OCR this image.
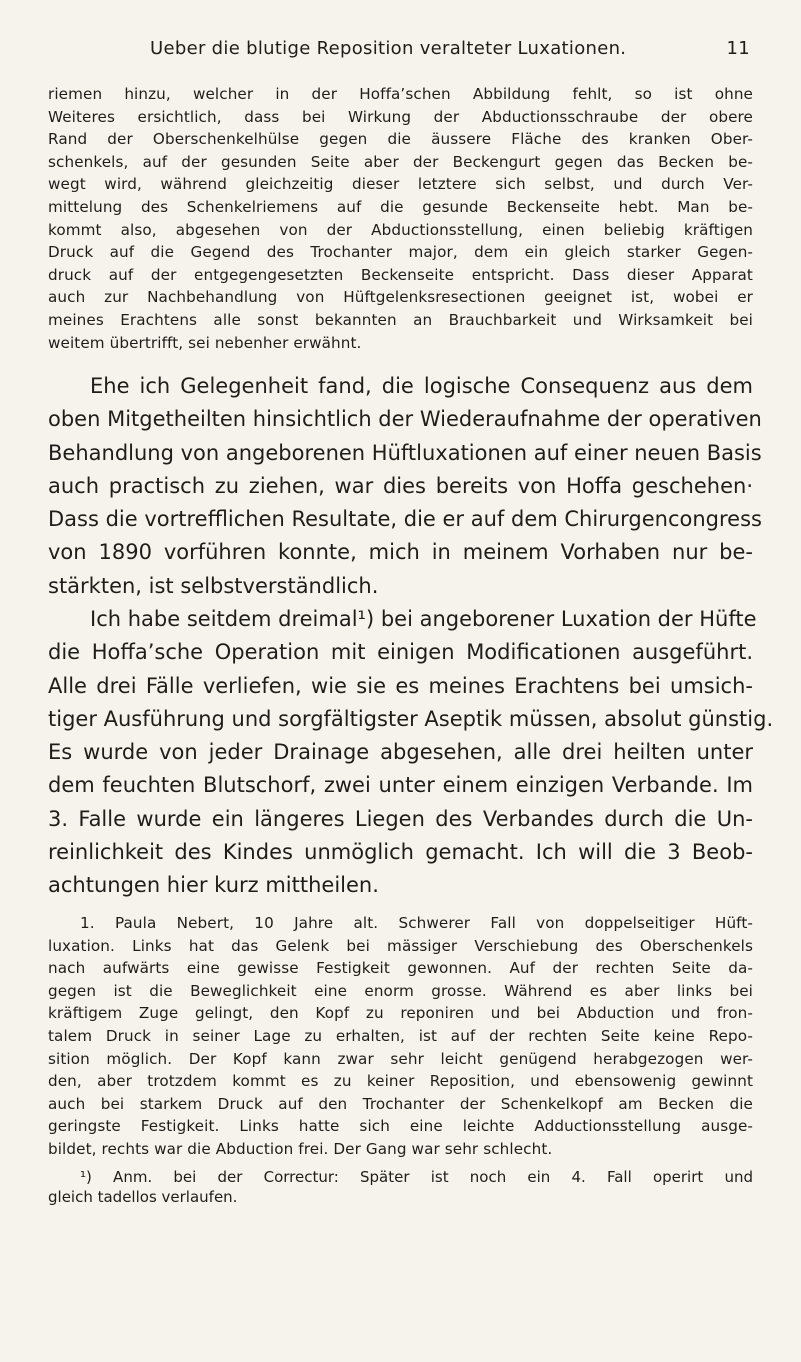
Ueber die blutige Reposition veralteter Luxationen.	11
riemen hinzu, welcher in der Hoffa’schen Abbildung fehlt, so ist ohne
Weiteres ersichtlich, dass bei Wirkung der Abductionsschraube der obere
Rand der Oberschenkelhülse gegen die äussere Fläche des kranken Ober-
schenkels, auf der gesunden Seite aber der Beckengurt gegen das Becken be-
wegt wird, während gleichzeitig dieser letztere sich selbst, und durch Ver-
mittelung des Schenkelriemens auf die gesunde Beckenseite hebt. Man be-
kommt also, abgesehen von der Abductionsstellung, einen beliebig kräftigen
Druck auf die Gegend des Trochanter major, dem ein gleich starker Gegen-
druck auf der entgegengesetzten Beckenseite entspricht. Dass dieser Apparat
auch zur Nachbehandlung von Hüftgelenksresectionen geeignet ist, wobei er
meines Erachtens alle sonst bekannten an Brauchbarkeit und Wirksamkeit bei
weitem übertrifft, sei nebenher erwähnt.
Ehe ich Gelegenheit fand, die logische Consequenz aus dem
oben Mitgetheilten hinsichtlich der Wiederaufnahme der operativen
Behandlung von angeborenen Hüftluxationen auf einer neuen Basis
auch practisch zu ziehen, war dies bereits von Hoffa geschehen·
Dass die vortrefflichen Resultate, die er auf dem Chirurgencongress
von 1890 vorführen konnte, mich in meinem Vorhaben nur be-
stärkten, ist selbstverständlich.
Ich habe seitdem dreimal¹) bei angeborener Luxation der Hüfte
die Hoffa’sche Operation mit einigen Modificationen ausgeführt.
Alle drei Fälle verliefen, wie sie es meines Erachtens bei umsich-
tiger Ausführung und sorgfältigster Aseptik müssen, absolut günstig.
Es wurde von jeder Drainage abgesehen, alle drei heilten unter
dem feuchten Blutschorf, zwei unter einem einzigen Verbande. Im
3. Falle wurde ein längeres Liegen des Verbandes durch die Un-
reinlichkeit des Kindes unmöglich gemacht. Ich will die 3 Beob-
achtungen hier kurz mittheilen.
1. Paula Nebert, 10 Jahre alt. Schwerer Fall von doppelseitiger Hüft-
luxation. Links hat das Gelenk bei mässiger Verschiebung des Oberschenkels
nach aufwärts eine gewisse Festigkeit gewonnen. Auf der rechten Seite da-
gegen ist die Beweglichkeit eine enorm grosse. Während es aber links bei
kräftigem Zuge gelingt, den Kopf zu reponiren und bei Abduction und fron-
talem Druck in seiner Lage zu erhalten, ist auf der rechten Seite keine Repo-
sition möglich. Der Kopf kann zwar sehr leicht genügend herabgezogen wer-
den, aber trotzdem kommt es zu keiner Reposition, und ebensowenig gewinnt
auch bei starkem Druck auf den Trochanter der Schenkelkopf am Becken die
geringste Festigkeit. Links hatte sich eine leichte Adductionsstellung ausge-
bildet, rechts war die Abduction frei. Der Gang war sehr schlecht.
¹) Anm. bei der Correctur: Später ist noch ein 4. Fall operirt und
gleich tadellos verlaufen.
